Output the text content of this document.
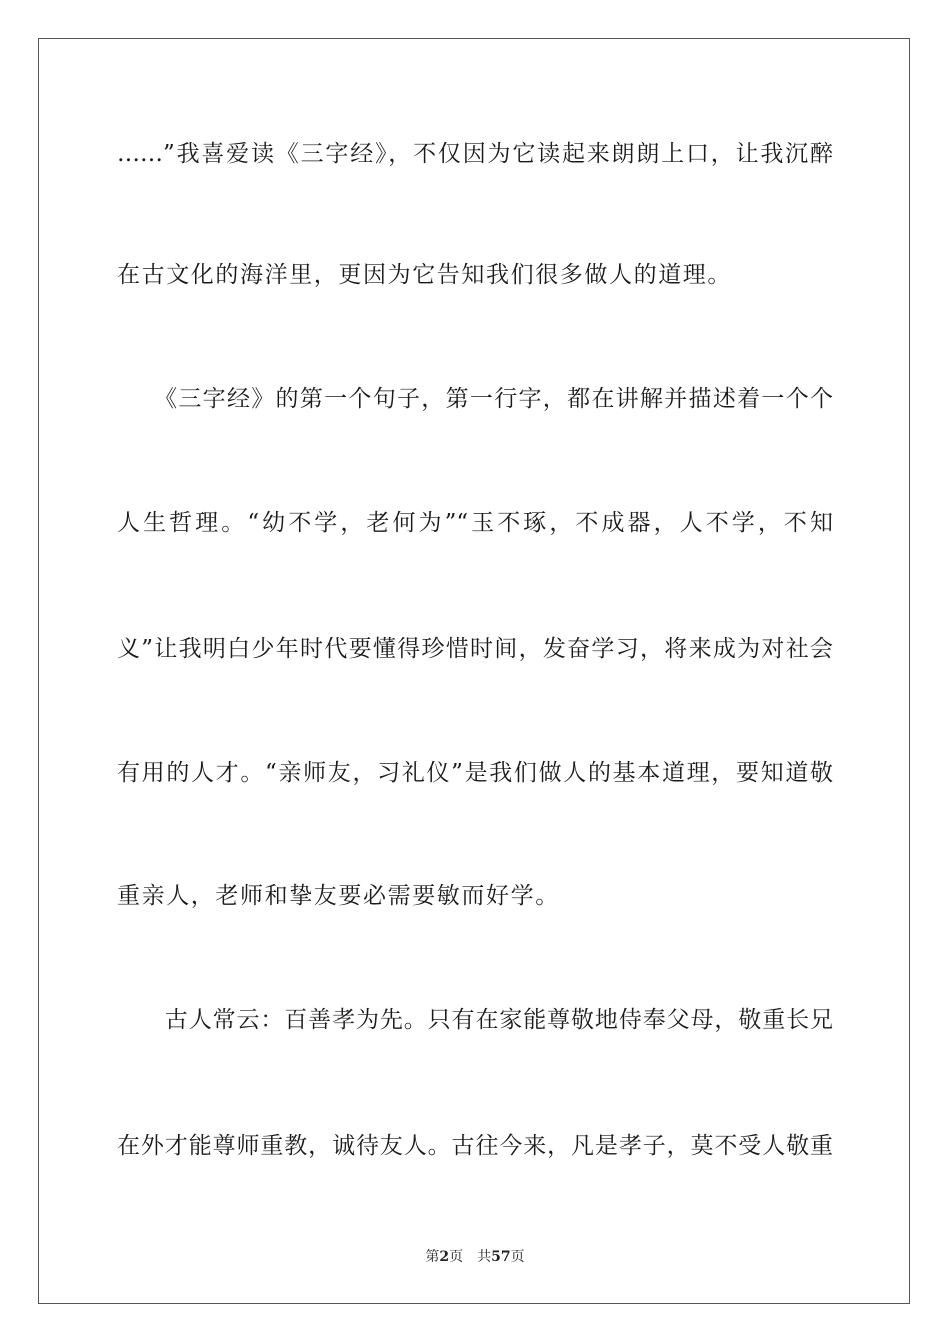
……”我喜爱读《三字经》，不仅因为它读起来朗朗上口，让我沉醉
在古文化的海洋里，更因为它告知我们很多做人的道理。
　　《三字经》的第一个句子，第一行字，都在讲解并描述着一个个
人生哲理。“幼不学，老何为”“玉不琢，不成器，人不学，不知
义”让我明白少年时代要懂得珍惜时间，发奋学习，将来成为对社会
有用的人才。“亲师友，习礼仪”是我们做人的基本道理，要知道敬
重亲人，老师和挚友要必需要敏而好学。
　　古人常云：百善孝为先。只有在家能尊敬地侍奉父母，敬重长兄
在外才能尊师重教，诚待友人。古往今来，凡是孝子，莫不受人敬重
第2页 共57页
